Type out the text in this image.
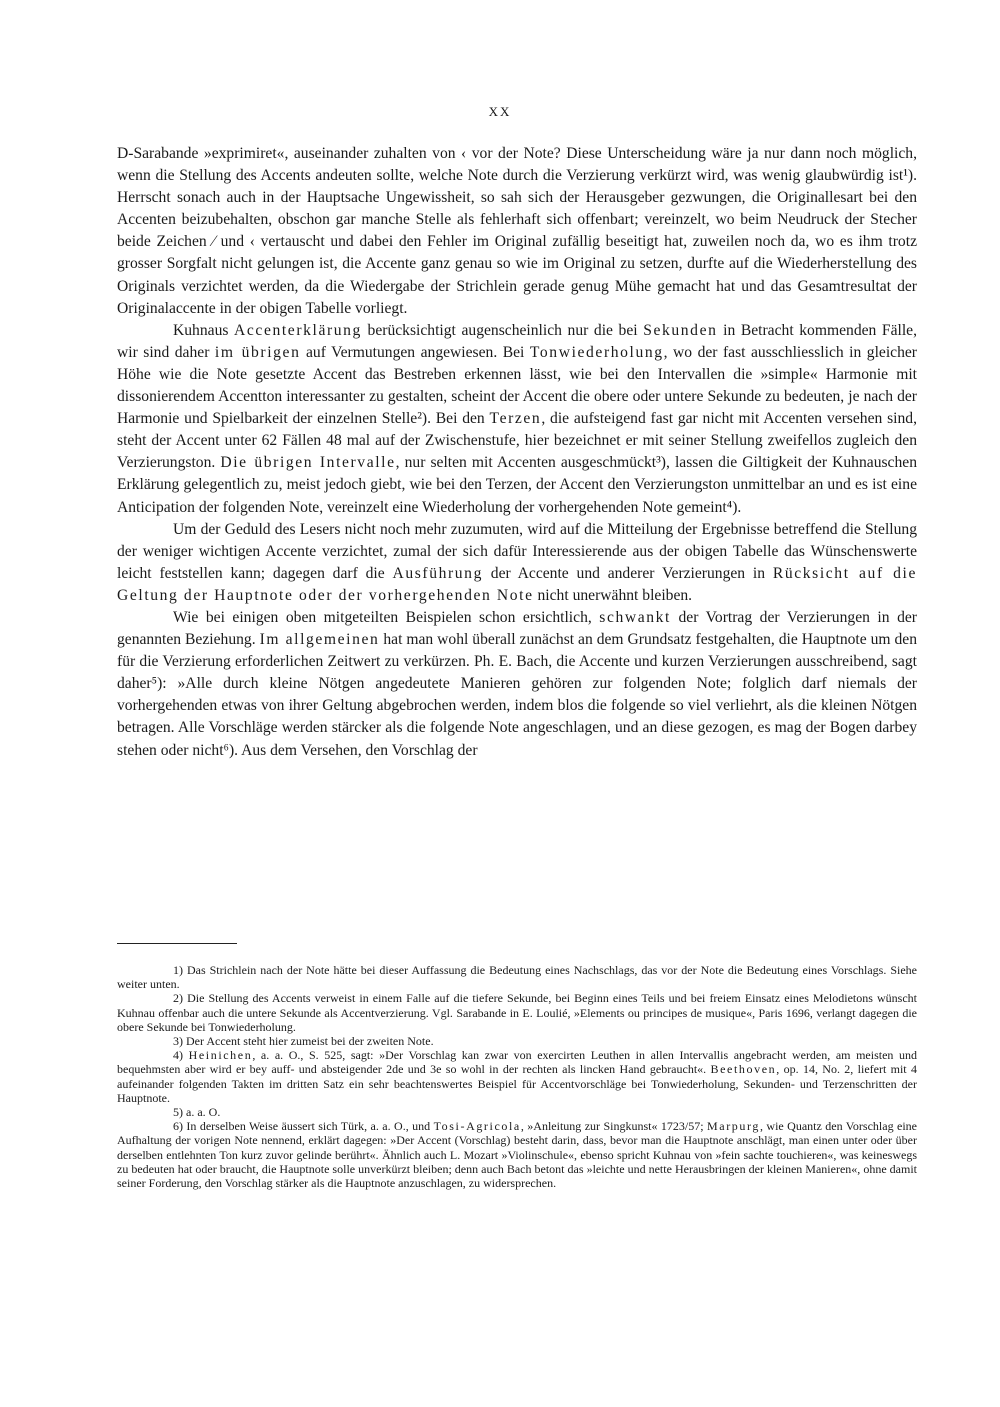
XX

D-Sarabande »exprimiret«, auseinander zuhalten von ‹ vor der Note? Diese Unterscheidung wäre ja nur dann noch möglich, wenn die Stellung des Accents andeuten sollte, welche Note durch die Verzierung verkürzt wird, was wenig glaubwürdig ist¹). Herrscht sonach auch in der Hauptsache Ungewissheit, so sah sich der Herausgeber gezwungen, die Originallesart bei den Accenten beizubehalten, obschon gar manche Stelle als fehlerhaft sich offenbart; vereinzelt, wo beim Neudruck der Stecher beide Zeichen ⁄ und ‹ vertauscht und dabei den Fehler im Original zufällig beseitigt hat, zuweilen noch da, wo es ihm trotz grosser Sorgfalt nicht gelungen ist, die Accente ganz genau so wie im Original zu setzen, durfte auf die Wiederherstellung des Originals verzichtet werden, da die Wiedergabe der Strichlein gerade genug Mühe gemacht hat und das Gesamtresultat der Originalaccente in der obigen Tabelle vorliegt.

Kuhnaus Accenterklärung berücksichtigt augenscheinlich nur die bei Sekunden in Betracht kommenden Fälle, wir sind daher im übrigen auf Vermutungen angewiesen. Bei Tonwiederholung, wo der fast ausschliesslich in gleicher Höhe wie die Note gesetzte Accent das Bestreben erkennen lässt, wie bei den Intervallen die »simple« Harmonie mit dissonierendem Accentton interessanter zu gestalten, scheint der Accent die obere oder untere Sekunde zu bedeuten, je nach der Harmonie und Spielbarkeit der einzelnen Stelle²). Bei den Terzen, die aufsteigend fast gar nicht mit Accenten versehen sind, steht der Accent unter 62 Fällen 48 mal auf der Zwischenstufe, hier bezeichnet er mit seiner Stellung zweifellos zugleich den Verzierungston. Die übrigen Intervalle, nur selten mit Accenten ausgeschmückt³), lassen die Giltigkeit der Kuhnauschen Erklärung gelegentlich zu, meist jedoch giebt, wie bei den Terzen, der Accent den Verzierungston unmittelbar an und es ist eine Anticipation der folgenden Note, vereinzelt eine Wiederholung der vorhergehenden Note gemeint⁴).

Um der Geduld des Lesers nicht noch mehr zuzumuten, wird auf die Mitteilung der Ergebnisse betreffend die Stellung der weniger wichtigen Accente verzichtet, zumal der sich dafür Interessierende aus der obigen Tabelle das Wünschenswerte leicht feststellen kann; dagegen darf die Ausführung der Accente und anderer Verzierungen in Rücksicht auf die Geltung der Hauptnote oder der vorhergehenden Note nicht unerwähnt bleiben.

Wie bei einigen oben mitgeteilten Beispielen schon ersichtlich, schwankt der Vortrag der Verzierungen in der genannten Beziehung. Im allgemeinen hat man wohl überall zunächst an dem Grundsatz festgehalten, die Hauptnote um den für die Verzierung erforderlichen Zeitwert zu verkürzen. Ph. E. Bach, die Accente und kurzen Verzierungen ausschreibend, sagt daher⁵): »Alle durch kleine Nötgen angedeutete Manieren gehören zur folgenden Note; folglich darf niemals der vorhergehenden etwas von ihrer Geltung abgebrochen werden, indem blos die folgende so viel verliehrt, als die kleinen Nötgen betragen. Alle Vorschläge werden stärcker als die folgende Note angeschlagen, und an diese gezogen, es mag der Bogen darbey stehen oder nicht⁶). Aus dem Versehen, den Vorschlag der

1) Das Strichlein nach der Note hätte bei dieser Auffassung die Bedeutung eines Nachschlags, das vor der Note die Bedeutung eines Vorschlags. Siehe weiter unten.
2) Die Stellung des Accents verweist in einem Falle auf die tiefere Sekunde, bei Beginn eines Teils und bei freiem Einsatz eines Melodietons wünscht Kuhnau offenbar auch die untere Sekunde als Accentverzierung. Vgl. Sarabande in E. Loulié, »Elements ou principes de musique«, Paris 1696, verlangt dagegen die obere Sekunde bei Tonwiederholung.
3) Der Accent steht hier zumeist bei der zweiten Note.
4) Heinichen, a. a. O., S. 525, sagt: »Der Vorschlag kan zwar von exercirten Leuthen in allen Intervallis angebracht werden, am meisten und bequehmsten aber wird er bey auff- und absteigender 2de und 3e so wohl in der rechten als lincken Hand gebraucht«. Beethoven, op. 14, No. 2, liefert mit 4 aufeinander folgenden Takten im dritten Satz ein sehr beachtenswertes Beispiel für Accentvorschläge bei Tonwiederholung, Sekunden- und Terzenschritten der Hauptnote.
5) a. a. O.
6) In derselben Weise äussert sich Türk, a. a. O., und Tosi-Agricola, »Anleitung zur Singkunst« 1723/57; Marpurg, wie Quantz den Vorschlag eine Aufhaltung der vorigen Note nennend, erklärt dagegen: »Der Accent (Vorschlag) besteht darin, dass, bevor man die Hauptnote anschlägt, man einen unter oder über derselben entlehnten Ton kurz zuvor gelinde berührt«. Ähnlich auch L. Mozart »Violinschule«, ebenso spricht Kuhnau von »fein sachte touchieren«, was keineswegs zu bedeuten hat oder braucht, die Hauptnote solle unverkürzt bleiben; denn auch Bach betont das »leichte und nette Herausbringen der kleinen Manieren«, ohne damit seiner Forderung, den Vorschlag stärker als die Hauptnote anzuschlagen, zu widersprechen.
